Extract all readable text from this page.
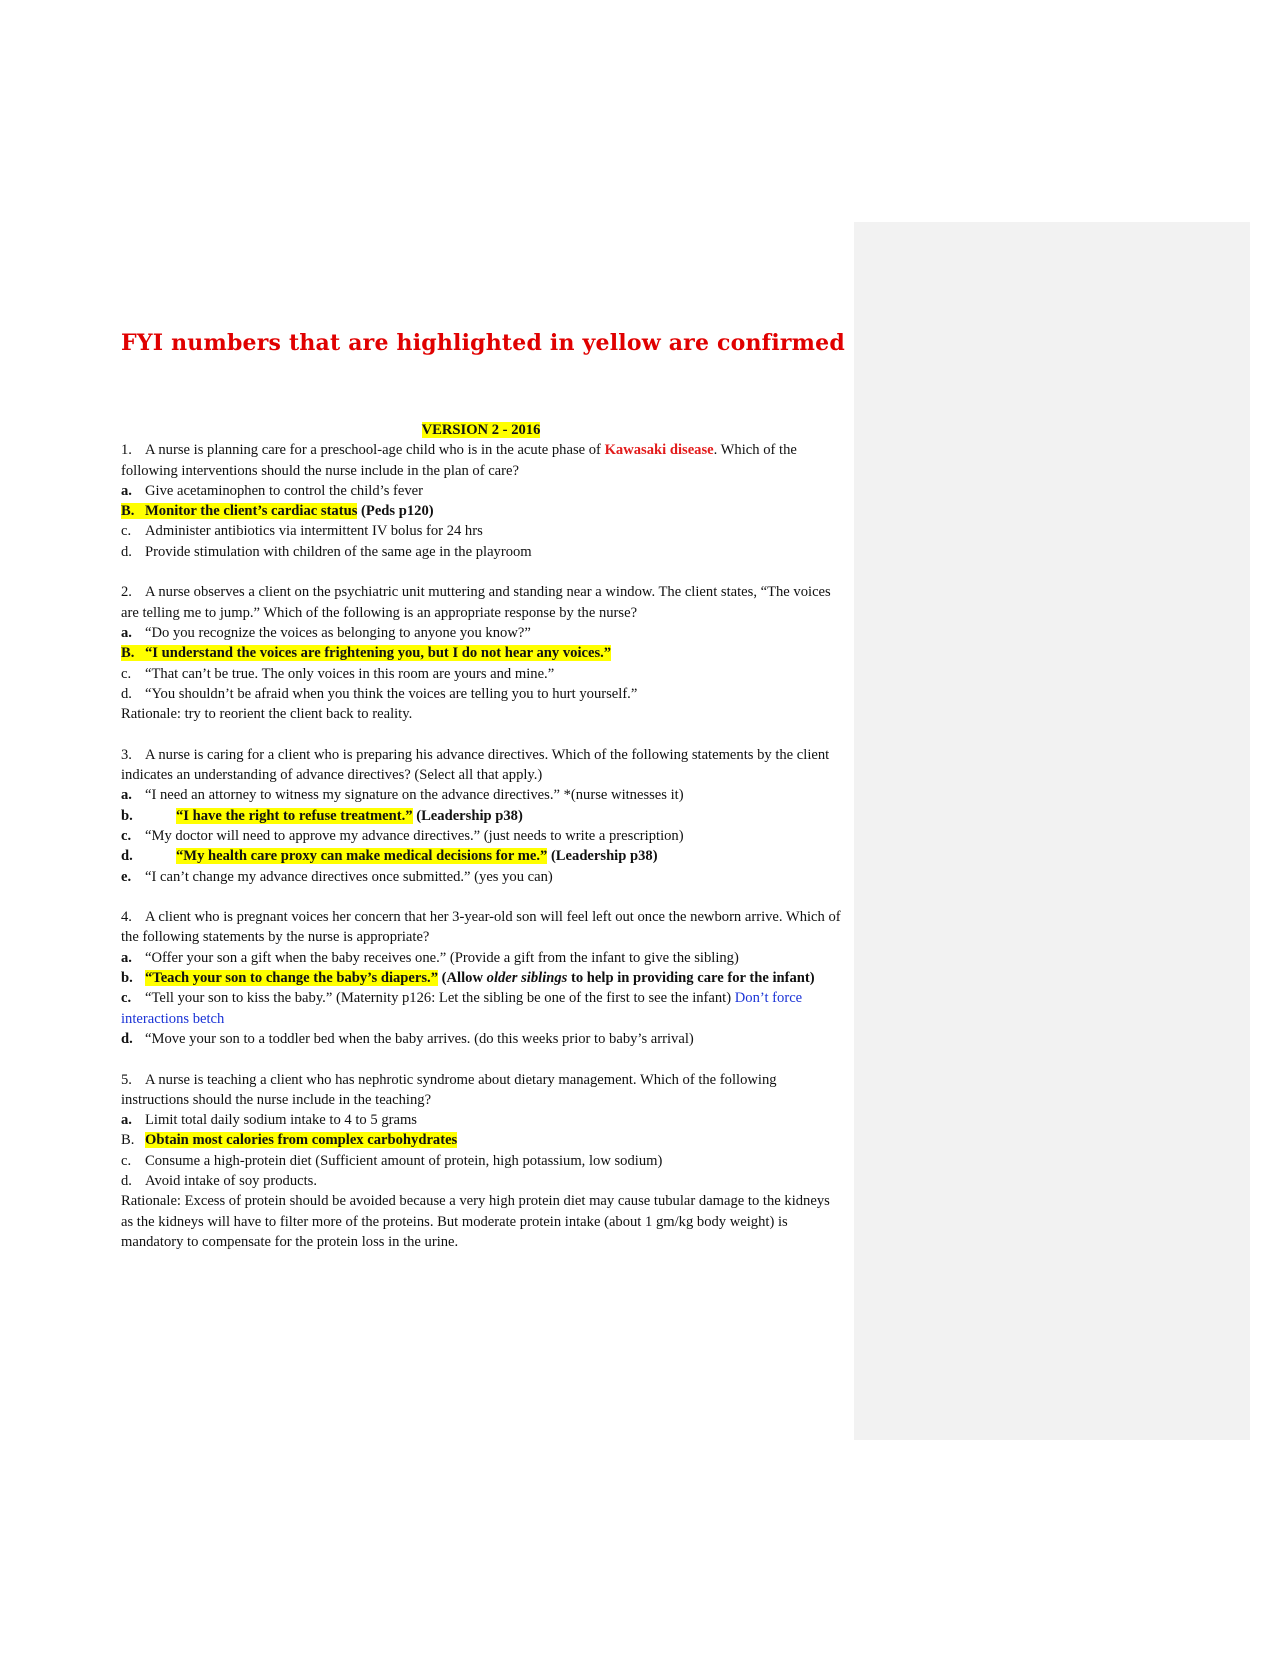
FYI numbers that are highlighted in yellow are confirmed

VERSION 2 - 2016

1. A nurse is planning care for a preschool-age child who is in the acute phase of Kawasaki disease. Which of the following interventions should the nurse include in the plan of care?

a. Give acetaminophen to control the child’s fever

B. Monitor the client’s cardiac status (Peds p120)

c. Administer antibiotics via intermittent IV bolus for 24 hrs

d. Provide stimulation with children of the same age in the playroom

2. A nurse observes a client on the psychiatric unit muttering and standing near a window. The client states, “The voices are telling me to jump.” Which of the following is an appropriate response by the nurse?

a. “Do you recognize the voices as belonging to anyone you know?”

B. “I understand the voices are frightening you, but I do not hear any voices.”

c. “That can’t be true. The only voices in this room are yours and mine.”

d. “You shouldn’t be afraid when you think the voices are telling you to hurt yourself.”

Rationale: try to reorient the client back to reality.

3. A nurse is caring for a client who is preparing his advance directives. Which of the following statements by the client indicates an understanding of advance directives? (Select all that apply.)

a. “I need an attorney to witness my signature on the advance directives.” *(nurse witnesses it)

b.	“I have the right to refuse treatment.” (Leadership p38)

c. “My doctor will need to approve my advance directives.” (just needs to write a prescription)

d.	“My health care proxy can make medical decisions for me.” (Leadership p38)

e. “I can’t change my advance directives once submitted.” (yes you can)

4. A client who is pregnant voices her concern that her 3-year-old son will feel left out once the newborn arrive. Which of the following statements by the nurse is appropriate?

a. “Offer your son a gift when the baby receives one.” (Provide a gift from the infant to give the sibling)

b. “Teach your son to change the baby’s diapers.” (Allow older siblings to help in providing care for the infant)

c. “Tell your son to kiss the baby.” (Maternity p126: Let the sibling be one of the first to see the infant) Don’t force interactions betch

d. “Move your son to a toddler bed when the baby arrives. (do this weeks prior to baby’s arrival)

5. A nurse is teaching a client who has nephrotic syndrome about dietary management. Which of the following instructions should the nurse include in the teaching?

a. Limit total daily sodium intake to 4 to 5 grams

B. Obtain most calories from complex carbohydrates

c. Consume a high-protein diet (Sufficient amount of protein, high potassium, low sodium)

d. Avoid intake of soy products.

Rationale: Excess of protein should be avoided because a very high protein diet may cause tubular damage to the kidneys as the kidneys will have to filter more of the proteins. But moderate protein intake (about 1 gm/kg body weight) is mandatory to compensate for the protein loss in the urine.
